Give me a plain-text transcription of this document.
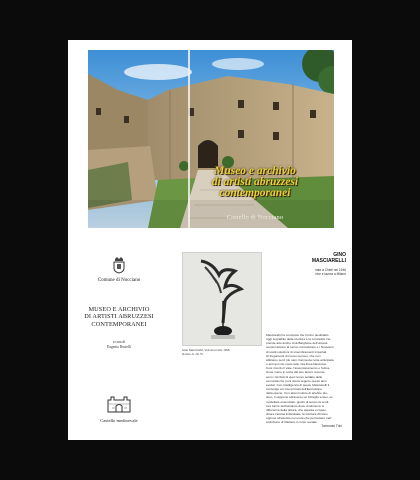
Museo e archivio
di artisti abruzzesi
contemporanei
Castello di Nocciano
Comune di Nocciano
MUSEO E ARCHIVIO
DI ARTISTI ABRUZZESI
CONTEMPORANEI
a cura di
Eugenio Rustelli
Castello medioevale
Gino Masciarelli, Voli di uccelli, 1998
bronzo, h. cm 70
GINO
MASCIARELLI
nato a Chieti nel 1946
vive e lavora a Milano
Masciarelli ha composto the l'unico piedistallo
oggi segnabile della scultura è la concavità. Ne
prende atto anche cinà Barghese dell'umana
consumazione al senso nunnaturato e / Nuovismi
di scelti soluzioni di smembramenti imperiali.
Al frugamenti di nuovo penoso, che non
abbiamo senz più vani. Farma da notte anticipata
o anti qui mio cosa nello mia linea Nascoste.
Così ricordo il vate, l'avventonamento e l'elma-
zione mene in sorta dal suo lavoro recente-
sono i simboli di quel nuovo soldato delle
comunità che poni dovrà seguire questi anni
evoluti. Con intelligenza di poeta, Masciarelli li
coinvolge coi miei primati dell'Evoluzione
della specie. Con alcuni istinto di artefice plu-
stico, li seppone attraverso un infragile scavo, un
modellare essenziale: giochi di tempo fa sculi-
toni forme dell'assoluto dove vividimenti. A
differenza della pittura, che aspetta e rispec-
chiare l'anima individuale, la scultura d'intono
oppone all'ascolto non poté che permettere nell'
ambizione di riflettere il corpo sociale.
Tommaso Trini
